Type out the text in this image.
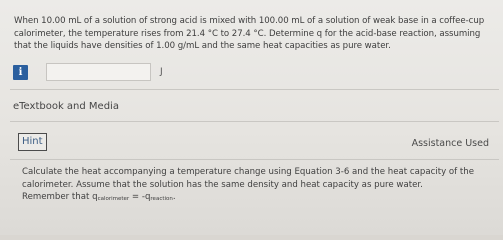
When 10.00 mL of a solution of strong acid is mixed with 100.00 mL of a solution of weak base in a coffee-cup
calorimeter, the temperature rises from 21.4 °C to 27.4 °C. Determine q for the acid-base reaction, assuming
that the liquids have densities of 1.00 g/mL and the same heat capacities as pure water.
i	J
eTextbook and Media
Hint	Assistance Used
Calculate the heat accompanying a temperature change using Equation 3-6 and the heat capacity of the
calorimeter. Assume that the solution has the same density and heat capacity as pure water.
Remember that qcalorimeter = -qreaction.
